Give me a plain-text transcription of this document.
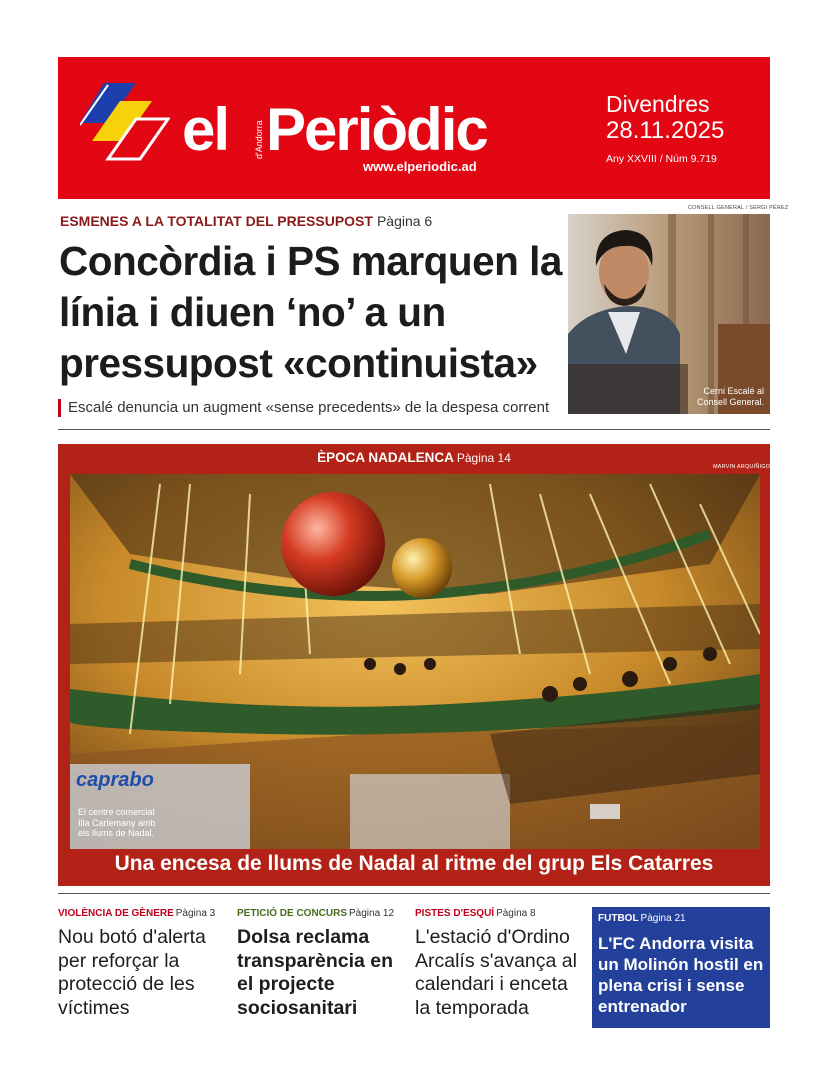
el	d'Andorra Periòdic
www.elperiodic.ad
Divendres
28.11.2025
Any XXVIII / Núm 9.719
ESMENES A LA TOTALITAT DEL PRESSUPOST Pàgina 6
Concòrdia i PS marquen la línia i diuen ‘no’ a un pressupost «continuista»
Escalé denuncia un augment «sense precedents» de la despesa corrent
CONSELL GENERAL / SERGI PÉREZ
Cerni Escalé al
Consell General.
ÈPOCA NADALENCA Pàgina 14
MARVIN ARQUÍÑIGO
caprabo
El centre comercial
Illa Carlemany amb
els llums de Nadal.
Una encesa de llums de Nadal al ritme del grup Els Catarres
VIOLÈNCIA DE GÈNERE Pàgina 3
Nou botó d'alerta per reforçar la protecció de les víctimes
PETICIÓ DE CONCURS Pàgina 12
Dolsa reclama transparència en el projecte sociosanitari
PISTES D'ESQUÍ Pàgina 8
L'estació d'Ordino Arcalís s'avança al calendari i enceta la temporada
FUTBOL Pàgina 21
L'FC Andorra visita un Molinón hostil en plena crisi i sense entrenador
